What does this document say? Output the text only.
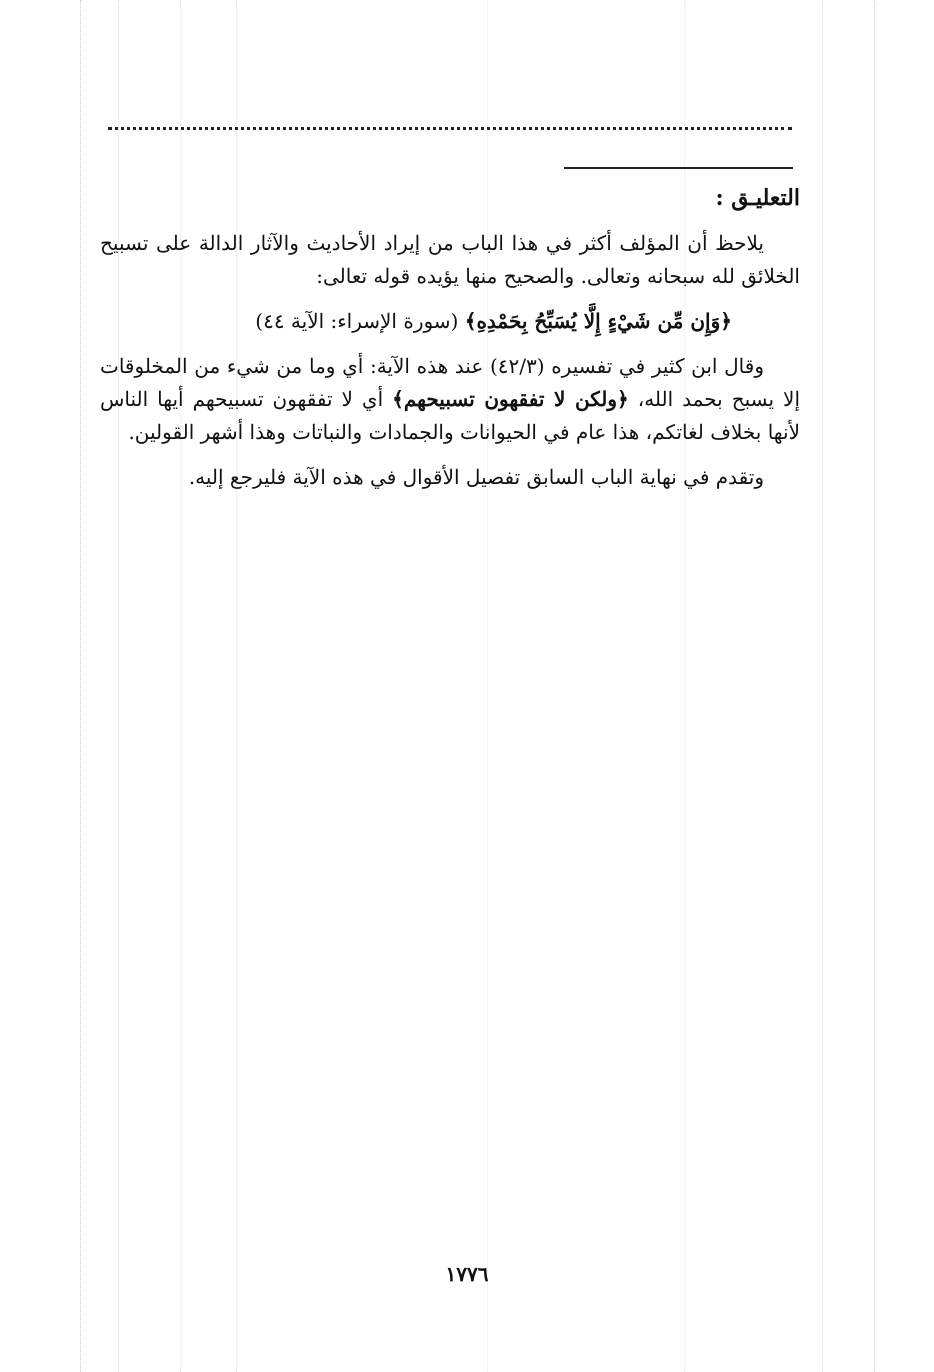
التعليـق :

يلاحظ أن المؤلف أكثر في هذا الباب من إيراد الأحاديث والآثار الدالة على تسبيح الخلائق لله سبحانه وتعالى. والصحيح منها يؤيده قوله تعالى:

﴿وَإِن مِّن شَيْءٍ إِلَّا يُسَبِّحُ بِحَمْدِهِ﴾ (سورة الإسراء: الآية ٤٤)

وقال ابن كثير في تفسيره (٤٢/٣) عند هذه الآية: أي وما من شيء من المخلوقات إلا يسبح بحمد الله، ﴿ولكن لا تفقهون تسبيحهم﴾ أي لا تفقهون تسبيحهم أيها الناس لأنها بخلاف لغاتكم، هذا عام في الحيوانات والجمادات والنباتات وهذا أشهر القولين.

وتقدم في نهاية الباب السابق تفصيل الأقوال في هذه الآية فليرجع إليه.

١٧٧٦
